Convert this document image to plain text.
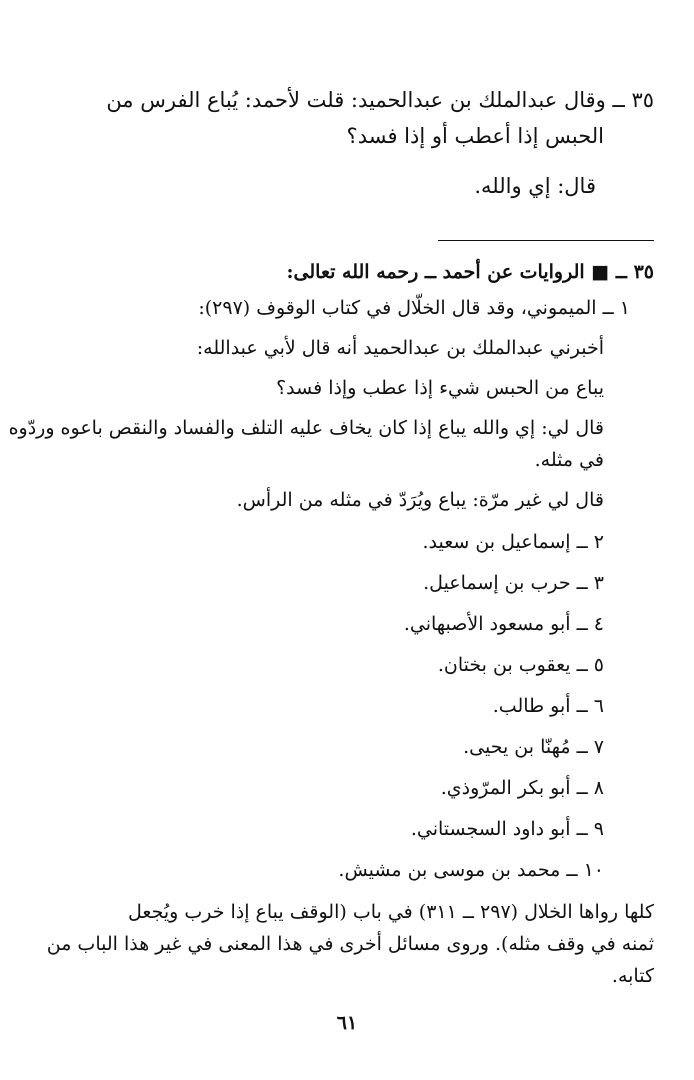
٣٥ ــ وقال عبدالملك بن عبدالحميد: قلت لأحمد: يُباع الفرس من
الحبس إذا أعطب أو إذا فسد؟
قال: إي والله.
٣٥ ــ ■ الروايات عن أحمد ــ رحمه الله تعالى:
١ ــ الميموني، وقد قال الخلّال في كتاب الوقوف (٢٩٧):
أخبرني عبدالملك بن عبدالحميد أنه قال لأبي عبدالله:
يباع من الحبس شيء إذا عطب وإذا فسد؟
قال لي: إي والله يباع إذا كان يخاف عليه التلف والفساد والنقص باعوه وردّوه
في مثله.
قال لي غير مرّة: يباع ويُرَدّ في مثله من الرأس.
٢ ــ إسماعيل بن سعيد.
٣ ــ حرب بن إسماعيل.
٤ ــ أبو مسعود الأصبهاني.
٥ ــ يعقوب بن بختان.
٦ ــ أبو طالب.
٧ ــ مُهنّا بن يحيى.
٨ ــ أبو بكر المرّوذي.
٩ ــ أبو داود السجستاني.
١٠ ــ محمد بن موسى بن مشيش.
كلها رواها الخلال (٢٩٧ ــ ٣١١) في باب (الوقف يباع إذا خرب ويُجعل
ثمنه في وقف مثله). وروى مسائل أخرى في هذا المعنى في غير هذا الباب من
كتابه.
٦١
